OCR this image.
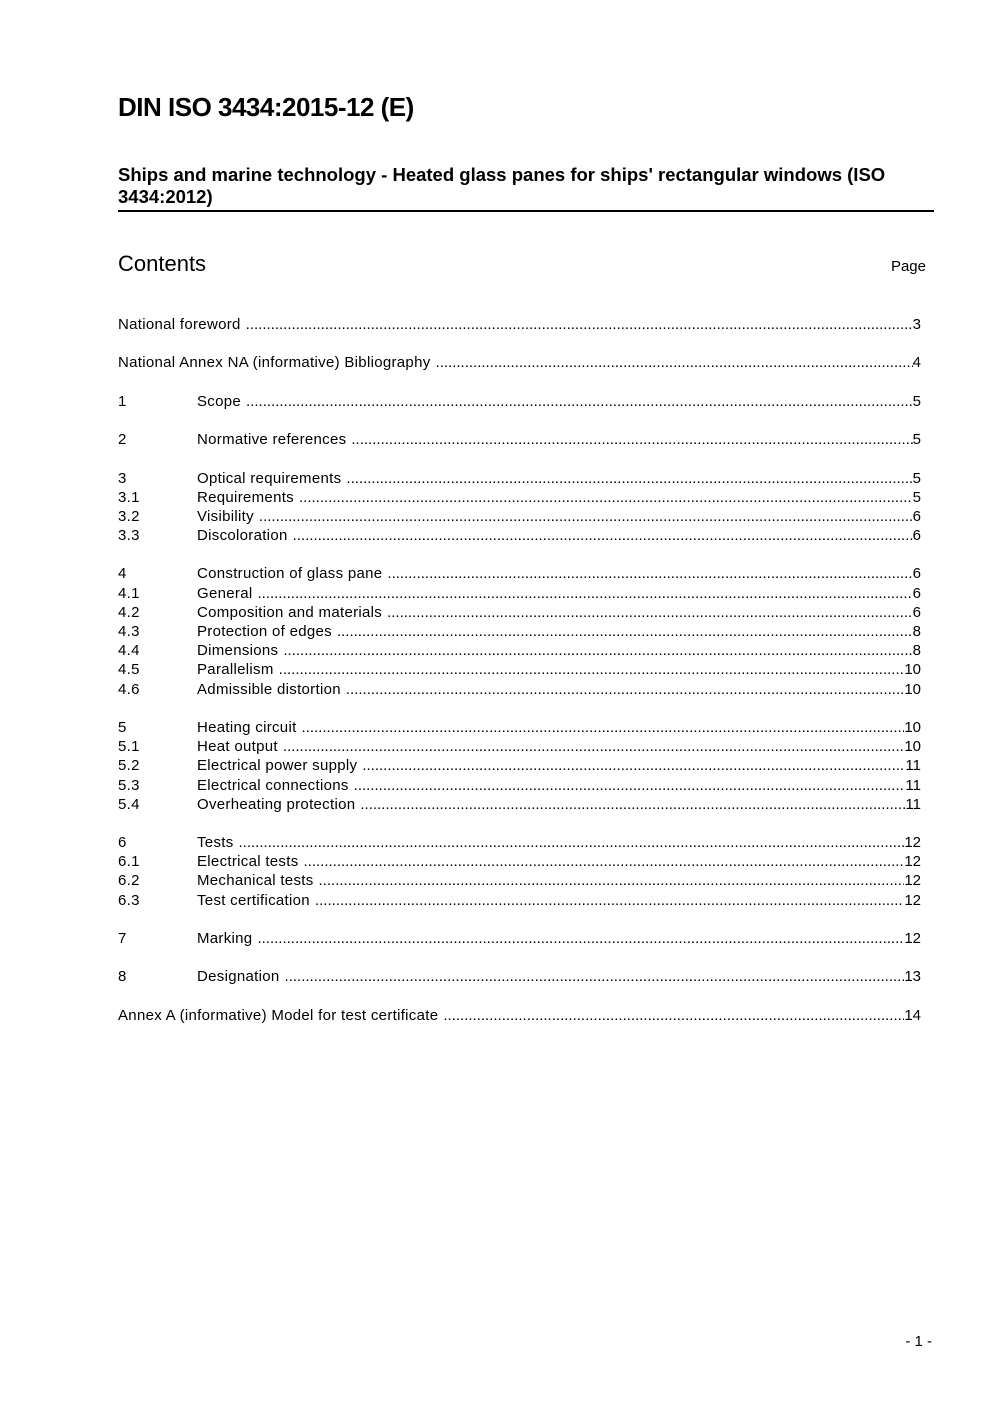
DIN ISO 3434:2015-12 (E)
Ships and marine technology - Heated glass panes for ships' rectangular windows (ISO 3434:2012)
Contents	Page
National foreword .....	3
National Annex NA (informative) Bibliography .....	4
1	Scope .....	5
2	Normative references .....	5
3	Optical requirements .....	5
3.1	Requirements .....	5
3.2	Visibility .....	6
3.3	Discoloration .....	6
4	Construction of glass pane .....	6
4.1	General .....	6
4.2	Composition and materials .....	6
4.3	Protection of edges .....	8
4.4	Dimensions .....	8
4.5	Parallelism .....	10
4.6	Admissible distortion .....	10
5	Heating circuit .....	10
5.1	Heat output .....	10
5.2	Electrical power supply .....	11
5.3	Electrical connections .....	11
5.4	Overheating protection .....	11
6	Tests .....	12
6.1	Electrical tests .....	12
6.2	Mechanical tests .....	12
6.3	Test certification .....	12
7	Marking .....	12
8	Designation .....	13
Annex A (informative) Model for test certificate .....	14
- 1 -
